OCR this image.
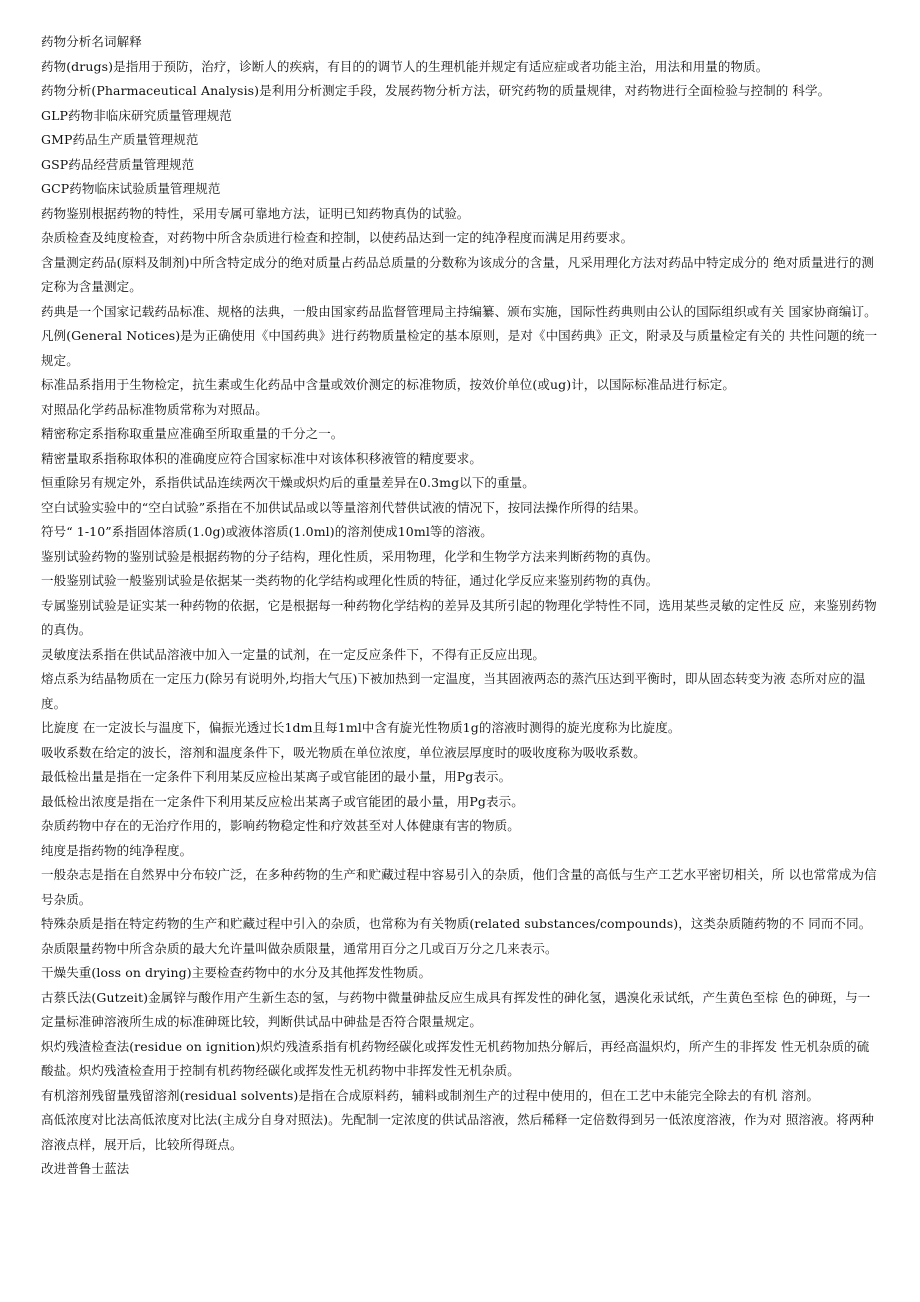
药物分析名词解释

药物(drugs)是指用于预防，治疗，诊断人的疾病，有目的的调节人的生理机能并规定有适应症或者功能主治，用法和用量的物质。

药物分析(Pharmaceutical Analysis)是利用分析测定手段，发展药物分析方法，研究药物的质量规律，对药物进行全面检验与控制的 科学。

GLP药物非临床研究质量管理规范

GMP药品生产质量管理规范

GSP药品经营质量管理规范

GCP药物临床试验质量管理规范

药物鉴别根据药物的特性，采用专属可靠地方法，证明已知药物真伪的试验。

杂质检查及纯度检查，对药物中所含杂质进行检查和控制，以使药品达到一定的纯净程度而满足用药要求。

含量测定药品(原料及制剂)中所含特定成分的绝对质量占药品总质量的分数称为该成分的含量，凡采用理化方法对药品中特定成分的 绝对质量进行的测定称为含量测定。

药典是一个国家记载药品标准、规格的法典，一般由国家药品监督管理局主持编纂、颁布实施，国际性药典则由公认的国际组织或有关 国家协商编订。

凡例(General Notices)是为正确使用《中国药典》进行药物质量检定的基本原则，是对《中国药典》正文，附录及与质量检定有关的 共性问题的统一规定。

标准品系指用于生物检定，抗生素或生化药品中含量或效价测定的标准物质，按效价单位(或ug)计，以国际标准品进行标定。

对照品化学药品标准物质常称为对照品。

精密称定系指称取重量应准确至所取重量的千分之一。

精密量取系指称取体积的准确度应符合国家标准中对该体积移液管的精度要求。

恒重除另有规定外，系指供试品连续两次干燥或炽灼后的重量差异在0.3mg以下的重量。

空白试验实验中的“空白试验”系指在不加供试品或以等量溶剂代替供试液的情况下，按同法操作所得的结果。

符号“ 1-10”系指固体溶质(1.0g)或液体溶质(1.0ml)的溶剂使成10ml等的溶液。

鉴别试验药物的鉴别试验是根据药物的分子结构，理化性质，采用物理，化学和生物学方法来判断药物的真伪。

一般鉴别试验一般鉴别试验是依据某一类药物的化学结构或理化性质的特征，通过化学反应来鉴别药物的真伪。

专属鉴别试验是证实某一种药物的依据，它是根据每一种药物化学结构的差异及其所引起的物理化学特性不同，选用某些灵敏的定性反 应，来鉴别药物的真伪。

灵敏度法系指在供试品溶液中加入一定量的试剂，在一定反应条件下，不得有正反应出现。

熔点系为结晶物质在一定压力(除另有说明外,均指大气压)下被加热到一定温度，当其固液两态的蒸汽压达到平衡时，即从固态转变为液 态所对应的温度。

比旋度 在一定波长与温度下，偏振光透过长1dm且每1ml中含有旋光性物质1g的溶液时测得的旋光度称为比旋度。

吸收系数在给定的波长，溶剂和温度条件下，吸光物质在单位浓度，单位液层厚度时的吸收度称为吸收系数。

最低检出量是指在一定条件下利用某反应检出某离子或官能团的最小量，用Pg表示。

最低检出浓度是指在一定条件下利用某反应检出某离子或官能团的最小量，用Pg表示。

杂质药物中存在的无治疗作用的，影响药物稳定性和疗效甚至对人体健康有害的物质。

纯度是指药物的纯净程度。

一般杂志是指在自然界中分布较广泛，在多种药物的生产和贮藏过程中容易引入的杂质，他们含量的高低与生产工艺水平密切相关，所 以也常常成为信号杂质。

特殊杂质是指在特定药物的生产和贮藏过程中引入的杂质，也常称为有关物质(related substances/compounds)，这类杂质随药物的不 同而不同。

杂质限量药物中所含杂质的最大允许量叫做杂质限量，通常用百分之几或百万分之几来表示。

干燥失重(loss on drying)主要检查药物中的水分及其他挥发性物质。

古蔡氏法(Gutzeit)金属锌与酸作用产生新生态的氢，与药物中微量砷盐反应生成具有挥发性的砷化氢，遇溴化汞试纸，产生黄色至棕 色的砷斑，与一定量标准砷溶液所生成的标准砷斑比较，判断供试品中砷盐是否符合限量规定。

炽灼残渣检查法(residue on ignition)炽灼残渣系指有机药物经碳化或挥发性无机药物加热分解后，再经高温炽灼，所产生的非挥发 性无机杂质的硫酸盐。炽灼残渣检查用于控制有机药物经碳化或挥发性无机药物中非挥发性无机杂质。

有机溶剂残留量残留溶剂(residual solvents)是指在合成原料药，辅料或制剂生产的过程中使用的，但在工艺中未能完全除去的有机 溶剂。

高低浓度对比法高低浓度对比法(主成分自身对照法)。先配制一定浓度的供试品溶液，然后稀释一定倍数得到另一低浓度溶液，作为对 照溶液。将两种溶液点样，展开后，比较所得斑点。

改进普鲁士蓝法
